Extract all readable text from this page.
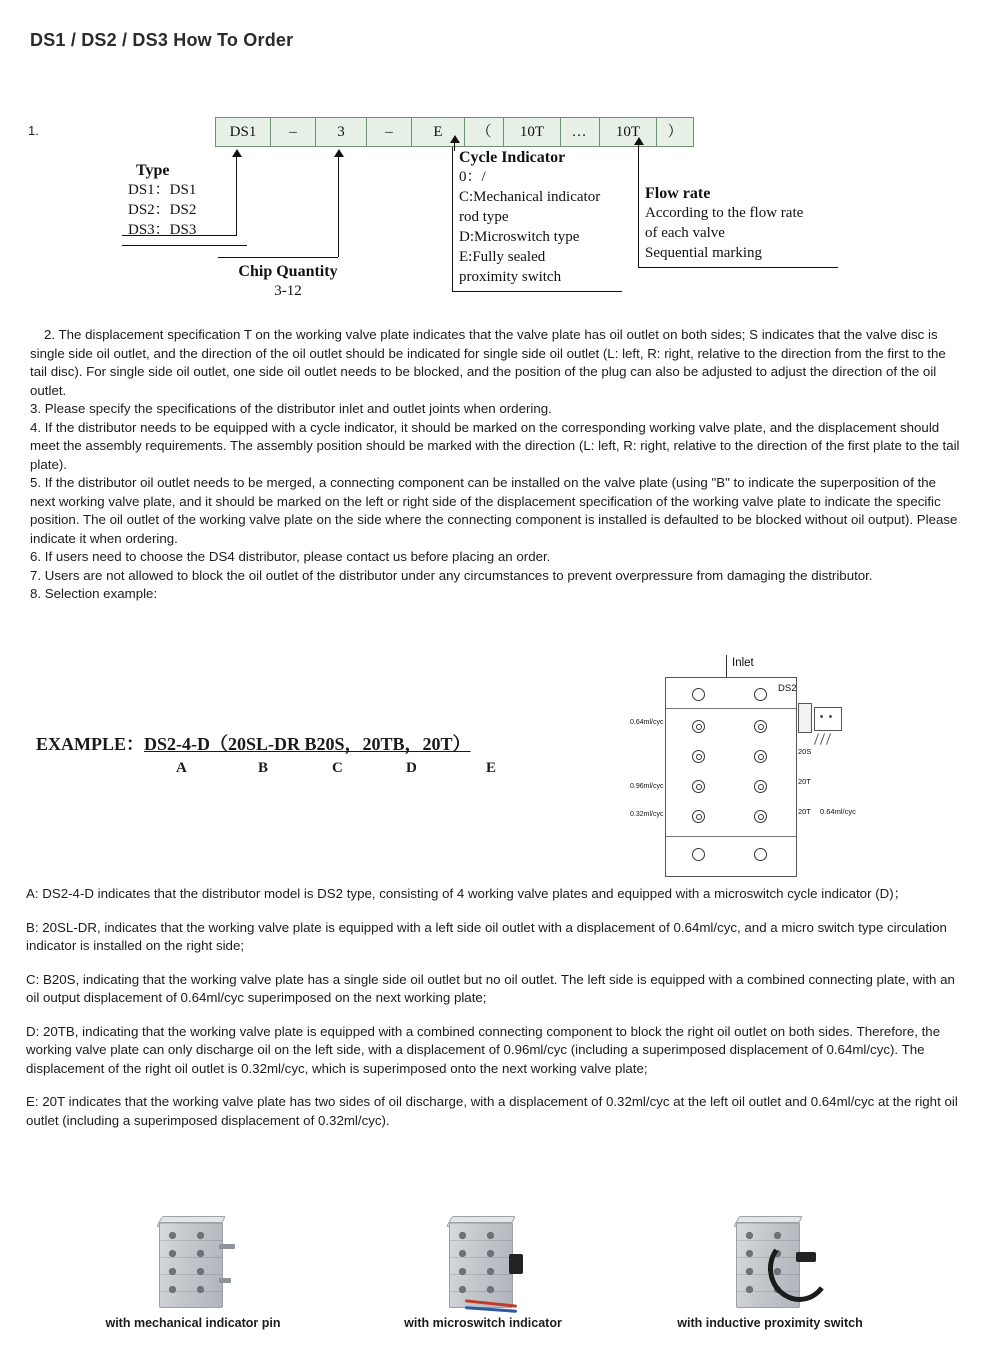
DS1 / DS2 / DS3 How To Order
1.	DS1	–	3	–	E	（	10T	…	10T	）
Type
DS1：DS1
DS2：DS2
DS3：DS3
Chip Quantity
3-12
Cycle Indicator
0：/
C:Mechanical indicator
rod type
D:Microswitch type
E:Fully sealed
proximity switch
Flow rate
According to the flow rate
of each valve
Sequential marking

2. The displacement specification T on the working valve plate indicates that the valve plate has oil outlet on both sides; S indicates that the valve disc is single side oil outlet, and the direction of the oil outlet should be indicated for single side oil outlet (L: left, R: right, relative to the direction from the first to the tail disc). For single side oil outlet, one side oil outlet needs to be blocked, and the position of the plug can also be adjusted to adjust the direction of the oil outlet.

3. Please specify the specifications of the distributor inlet and outlet joints when ordering.

4. If the distributor needs to be equipped with a cycle indicator, it should be marked on the corresponding working valve plate, and the displacement should meet the assembly requirements. The assembly position should be marked with the direction (L: left, R: right, relative to the direction of the first plate to the tail plate).

5. If the distributor oil outlet needs to be merged, a connecting component can be installed on the valve plate (using "B" to indicate the superposition of the next working valve plate, and it should be marked on the left or right side of the displacement specification of the working valve plate to indicate the specific position. The oil outlet of the working valve plate on the side where the connecting component is installed is defaulted to be blocked without oil output). Please indicate it when ordering.

6. If users need to choose the DS4 distributor, please contact us before placing an order.

7. Users are not allowed to block the oil outlet of the distributor under any circumstances to prevent overpressure from damaging the distributor.

8. Selection example:

EXAMPLE：DS2-4-D（20SL-DR B20S，20TB，20T）
A	B	C	D	E
Inlet
DS2
0.64ml/cyc
0.96ml/cyc
0.32ml/cyc
20S
20T
20T 0.64ml/cyc

A: DS2-4-D indicates that the distributor model is DS2 type, consisting of 4 working valve plates and equipped with a microswitch cycle indicator (D)；

B: 20SL-DR, indicates that the working valve plate is equipped with a left side oil outlet with a displacement of 0.64ml/cyc, and a micro switch type circulation indicator is installed on the right side;

C: B20S, indicating that the working valve plate has a single side oil outlet but no oil outlet. The left side is equipped with a combined connecting plate, with an oil output displacement of 0.64ml/cyc superimposed on the next working plate;

D: 20TB, indicating that the working valve plate is equipped with a combined connecting component to block the right oil outlet on both sides. Therefore, the working valve plate can only discharge oil on the left side, with a displacement of 0.96ml/cyc (including a superimposed displacement of 0.64ml/cyc). The displacement of the right oil outlet is 0.32ml/cyc, which is superimposed onto the next working valve plate;

E: 20T indicates that the working valve plate has two sides of oil discharge, with a displacement of 0.32ml/cyc at the left oil outlet and 0.64ml/cyc at the right oil outlet (including a superimposed displacement of 0.32ml/cyc).

with mechanical indicator pin	with microswitch indicator	with inductive proximity switch
